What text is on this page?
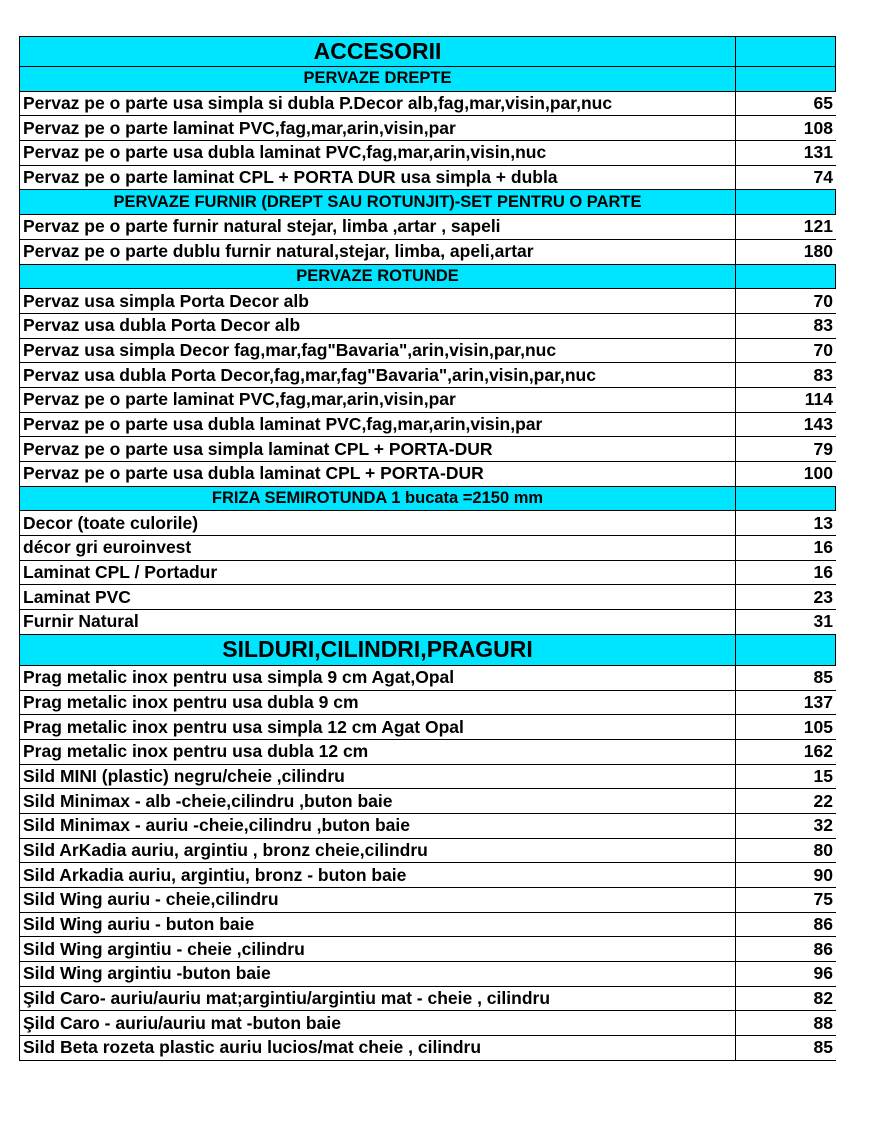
ACCESORII
PERVAZE DREPTE
Pervaz pe o parte usa simpla si dubla P.Decor alb,fag,mar,visin,par,nuc	65
Pervaz pe o parte laminat PVC,fag,mar,arin,visin,par	108
Pervaz pe o parte usa dubla laminat PVC,fag,mar,arin,visin,nuc	131
Pervaz pe o parte laminat CPL + PORTA DUR usa simpla + dubla	74
PERVAZE FURNIR (DREPT SAU ROTUNJIT)-SET PENTRU O PARTE
Pervaz pe o parte furnir natural stejar, limba ,artar , sapeli	121
Pervaz pe o parte dublu furnir natural,stejar, limba, apeli,artar	180
PERVAZE ROTUNDE
Pervaz usa simpla Porta Decor alb	70
Pervaz usa dubla Porta Decor alb	83
Pervaz usa simpla Decor fag,mar,fag"Bavaria",arin,visin,par,nuc	70
Pervaz usa dubla Porta Decor,fag,mar,fag"Bavaria",arin,visin,par,nuc	83
Pervaz pe o parte laminat PVC,fag,mar,arin,visin,par	114
Pervaz pe o parte usa dubla laminat PVC,fag,mar,arin,visin,par	143
Pervaz pe o parte usa simpla laminat CPL + PORTA-DUR	79
Pervaz pe o parte usa dubla laminat CPL + PORTA-DUR	100
FRIZA SEMIROTUNDA 1 bucata =2150 mm
Decor (toate culorile)	13
décor gri euroinvest	16
Laminat CPL / Portadur	16
Laminat PVC	23
Furnir Natural	31
SILDURI,CILINDRI,PRAGURI
Prag metalic inox pentru usa simpla 9 cm Agat,Opal	85
Prag metalic inox pentru usa dubla 9 cm	137
Prag metalic inox pentru usa simpla 12 cm Agat Opal	105
Prag metalic inox pentru usa dubla 12 cm	162
Sild MINI (plastic) negru/cheie ,cilindru	15
Sild Minimax - alb -cheie,cilindru ,buton baie	22
Sild Minimax - auriu -cheie,cilindru ,buton baie	32
Sild ArKadia auriu, argintiu , bronz cheie,cilindru	80
Sild Arkadia auriu, argintiu, bronz - buton baie	90
Sild Wing auriu - cheie,cilindru	75
Sild Wing auriu - buton baie	86
Sild Wing argintiu - cheie ,cilindru	86
Sild Wing argintiu -buton baie	96
Şild Caro- auriu/auriu mat;argintiu/argintiu mat - cheie , cilindru	82
Şild Caro - auriu/auriu mat -buton baie	88
Sild Beta rozeta plastic auriu lucios/mat cheie , cilindru	85
